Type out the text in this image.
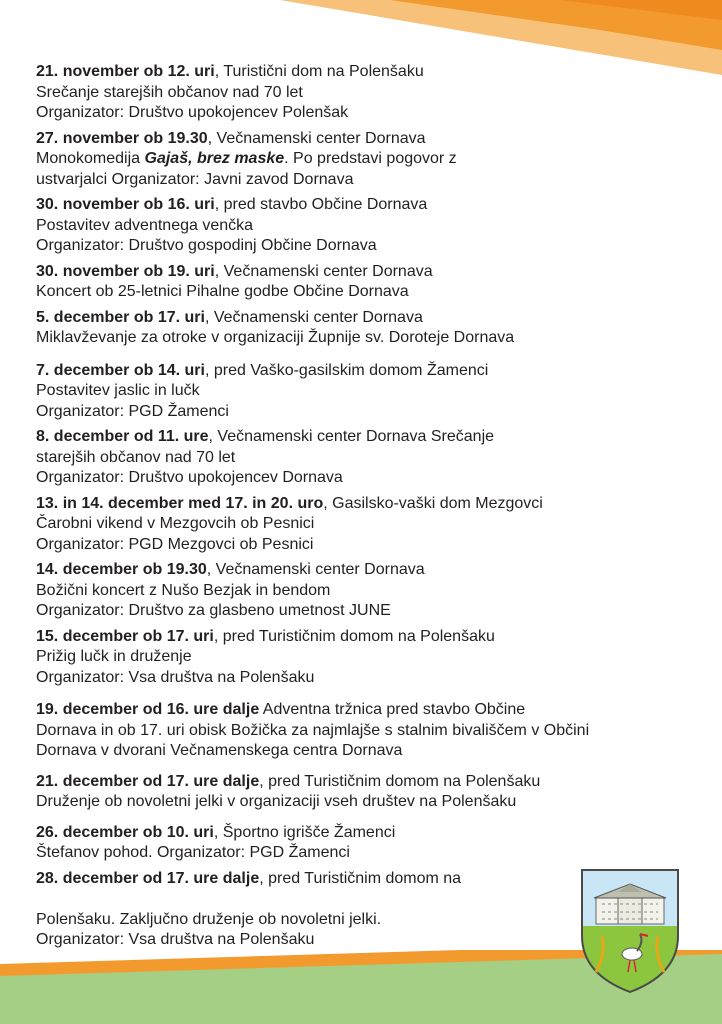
21. november ob 12. uri, Turistični dom na Polenšaku
Srečanje starejših občanov nad 70 let
Organizator: Društvo upokojencev Polenšak
27. november ob 19.30, Večnamenski center Dornava
Monokomedija Gajaš, brez maske. Po predstavi pogovor z
ustvarjalci Organizator: Javni zavod Dornava
30. november ob 16. uri, pred stavbo Občine Dornava
Postavitev adventnega venčka
Organizator: Društvo gospodinj Občine Dornava
30. november ob 19. uri, Večnamenski center Dornava
Koncert ob 25-letnici Pihalne godbe Občine Dornava
5. december ob 17. uri, Večnamenski center Dornava
Miklavževanje za otroke v organizaciji Župnije sv. Doroteje Dornava
7. december ob 14. uri, pred Vaško-gasilskim domom Žamenci
Postavitev jaslic in lučk
Organizator: PGD Žamenci
8. december od 11. ure, Večnamenski center Dornava Srečanje
starejših občanov nad 70 let
Organizator: Društvo upokojencev Dornava
13. in 14. december med 17. in 20. uro, Gasilsko-vaški dom Mezgovci
Čarobni vikend v Mezgovcih ob Pesnici
Organizator: PGD Mezgovci ob Pesnici
14. december ob 19.30, Večnamenski center Dornava
Božični koncert z Nušo Bezjak in bendom
Organizator: Društvo za glasbeno umetnost JUNE
15. december ob 17. uri, pred Turističnim domom na Polenšaku
Prižig lučk in druženje
Organizator: Vsa društva na Polenšaku
19. december od 16. ure dalje Adventna tržnica pred stavbo Občine
Dornava in ob 17. uri obisk Božička za najmlajše s stalnim bivališčem v Občini
Dornava v dvorani Večnamenskega centra Dornava
21. december od 17. ure dalje, pred Turističnim domom na Polenšaku
Druženje ob novoletni jelki v organizaciji vseh društev na Polenšaku
26. december ob 10. uri, Športno igrišče Žamenci
Štefanov pohod. Organizator: PGD Žamenci
28. december od 17. ure dalje, pred Turističnim domom na

Polenšaku. Zaključno druženje ob novoletni jelki.
Organizator: Vsa društva na Polenšaku
